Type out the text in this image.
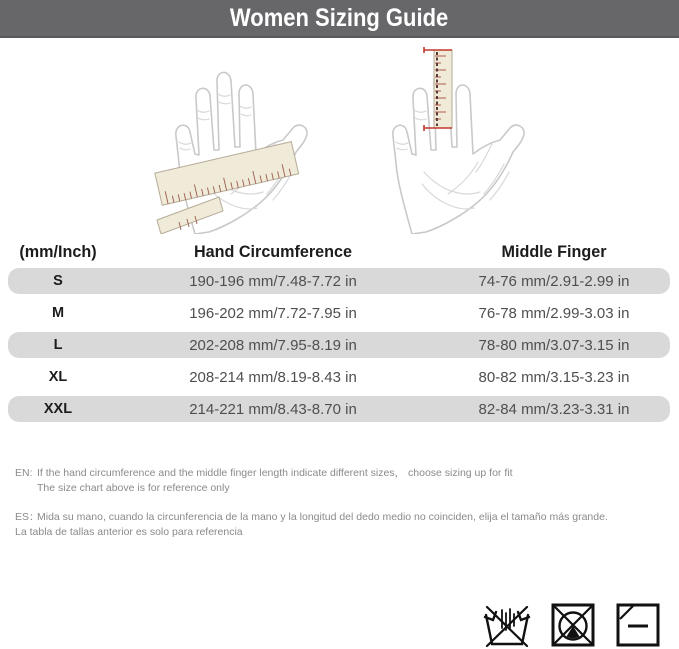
Women Sizing Guide
(mm/Inch)	Hand Circumference	Middle Finger
S	190-196 mm/7.48-7.72 in	74-76 mm/2.91-2.99 in
M	196-202 mm/7.72-7.95 in	76-78 mm/2.99-3.03 in
L	202-208 mm/7.95-8.19 in	78-80 mm/3.07-3.15 in
XL	208-214 mm/8.19-8.43 in	80-82 mm/3.15-3.23 in
XXL	214-221 mm/8.43-8.70 in	82-84 mm/3.23-3.31 in
EN: If the hand circumference and the middle finger length indicate different sizes， choose sizing up for fit
The size chart above is for reference only
ES：
Mida su mano, cuando la circunferencia de la mano y la longitud del dedo medio no coinciden, elija el tamaño más grande.
La tabla de tallas anterior es solo para referencia
